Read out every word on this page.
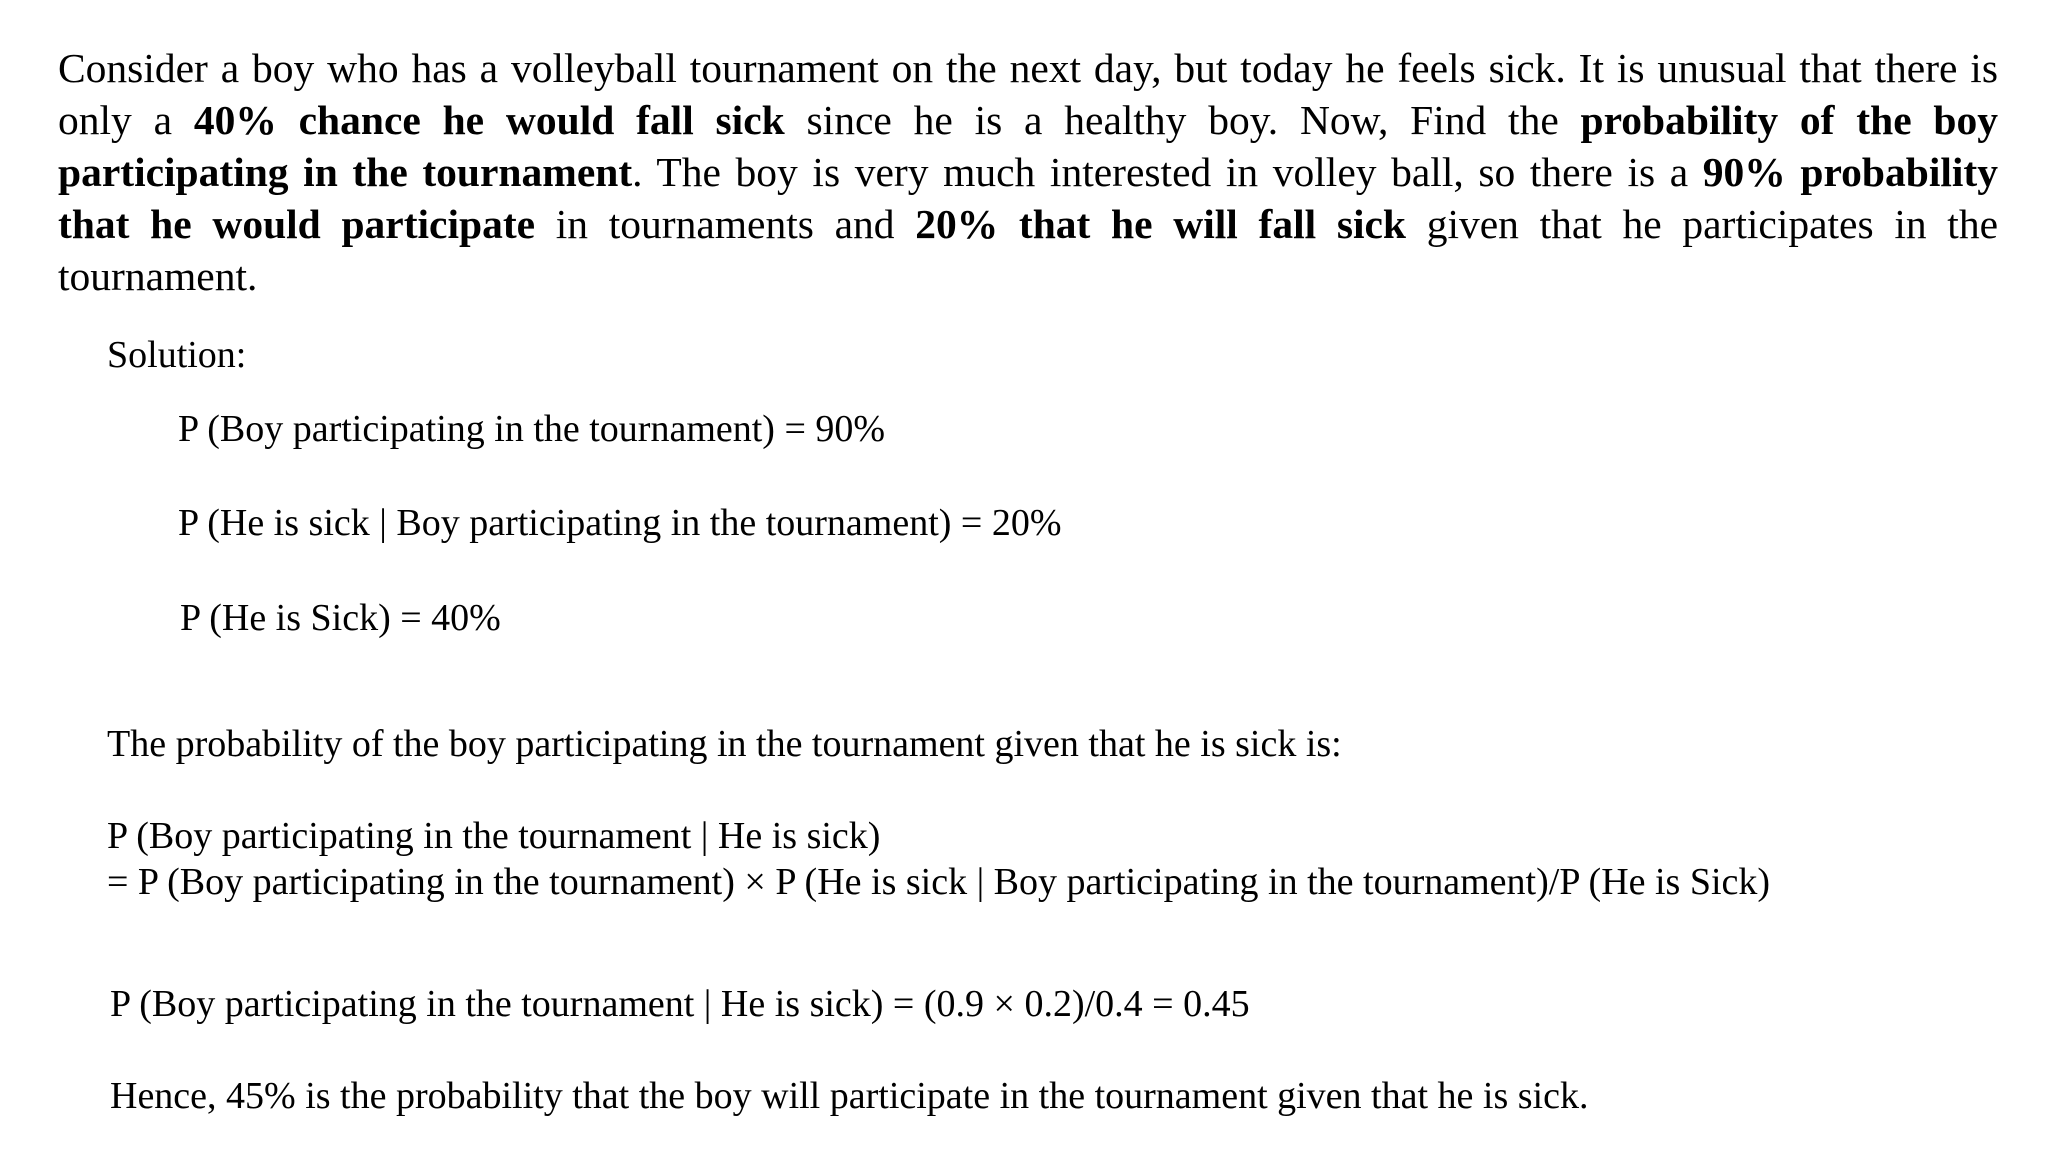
Consider a boy who has a volleyball tournament on the next day, but today he feels sick. It is unusual that there is only a 40% chance he would fall sick since he is a healthy boy. Now, Find the probability of the boy participating in the tournament. The boy is very much interested in volley ball, so there is a 90% probability that he would participate in tournaments and 20% that he will fall sick given that he participates in the tournament.
Solution:
P (Boy participating in the tournament) = 90%
P (He is sick | Boy participating in the tournament) = 20%
P (He is Sick) = 40%
The probability of the boy participating in the tournament given that he is sick is:
P (Boy participating in the tournament | He is sick)
= P (Boy participating in the tournament) × P (He is sick | Boy participating in the tournament)/P (He is Sick)
P (Boy participating in the tournament | He is sick) = (0.9 × 0.2)/0.4 = 0.45
Hence, 45% is the probability that the boy will participate in the tournament given that he is sick.
